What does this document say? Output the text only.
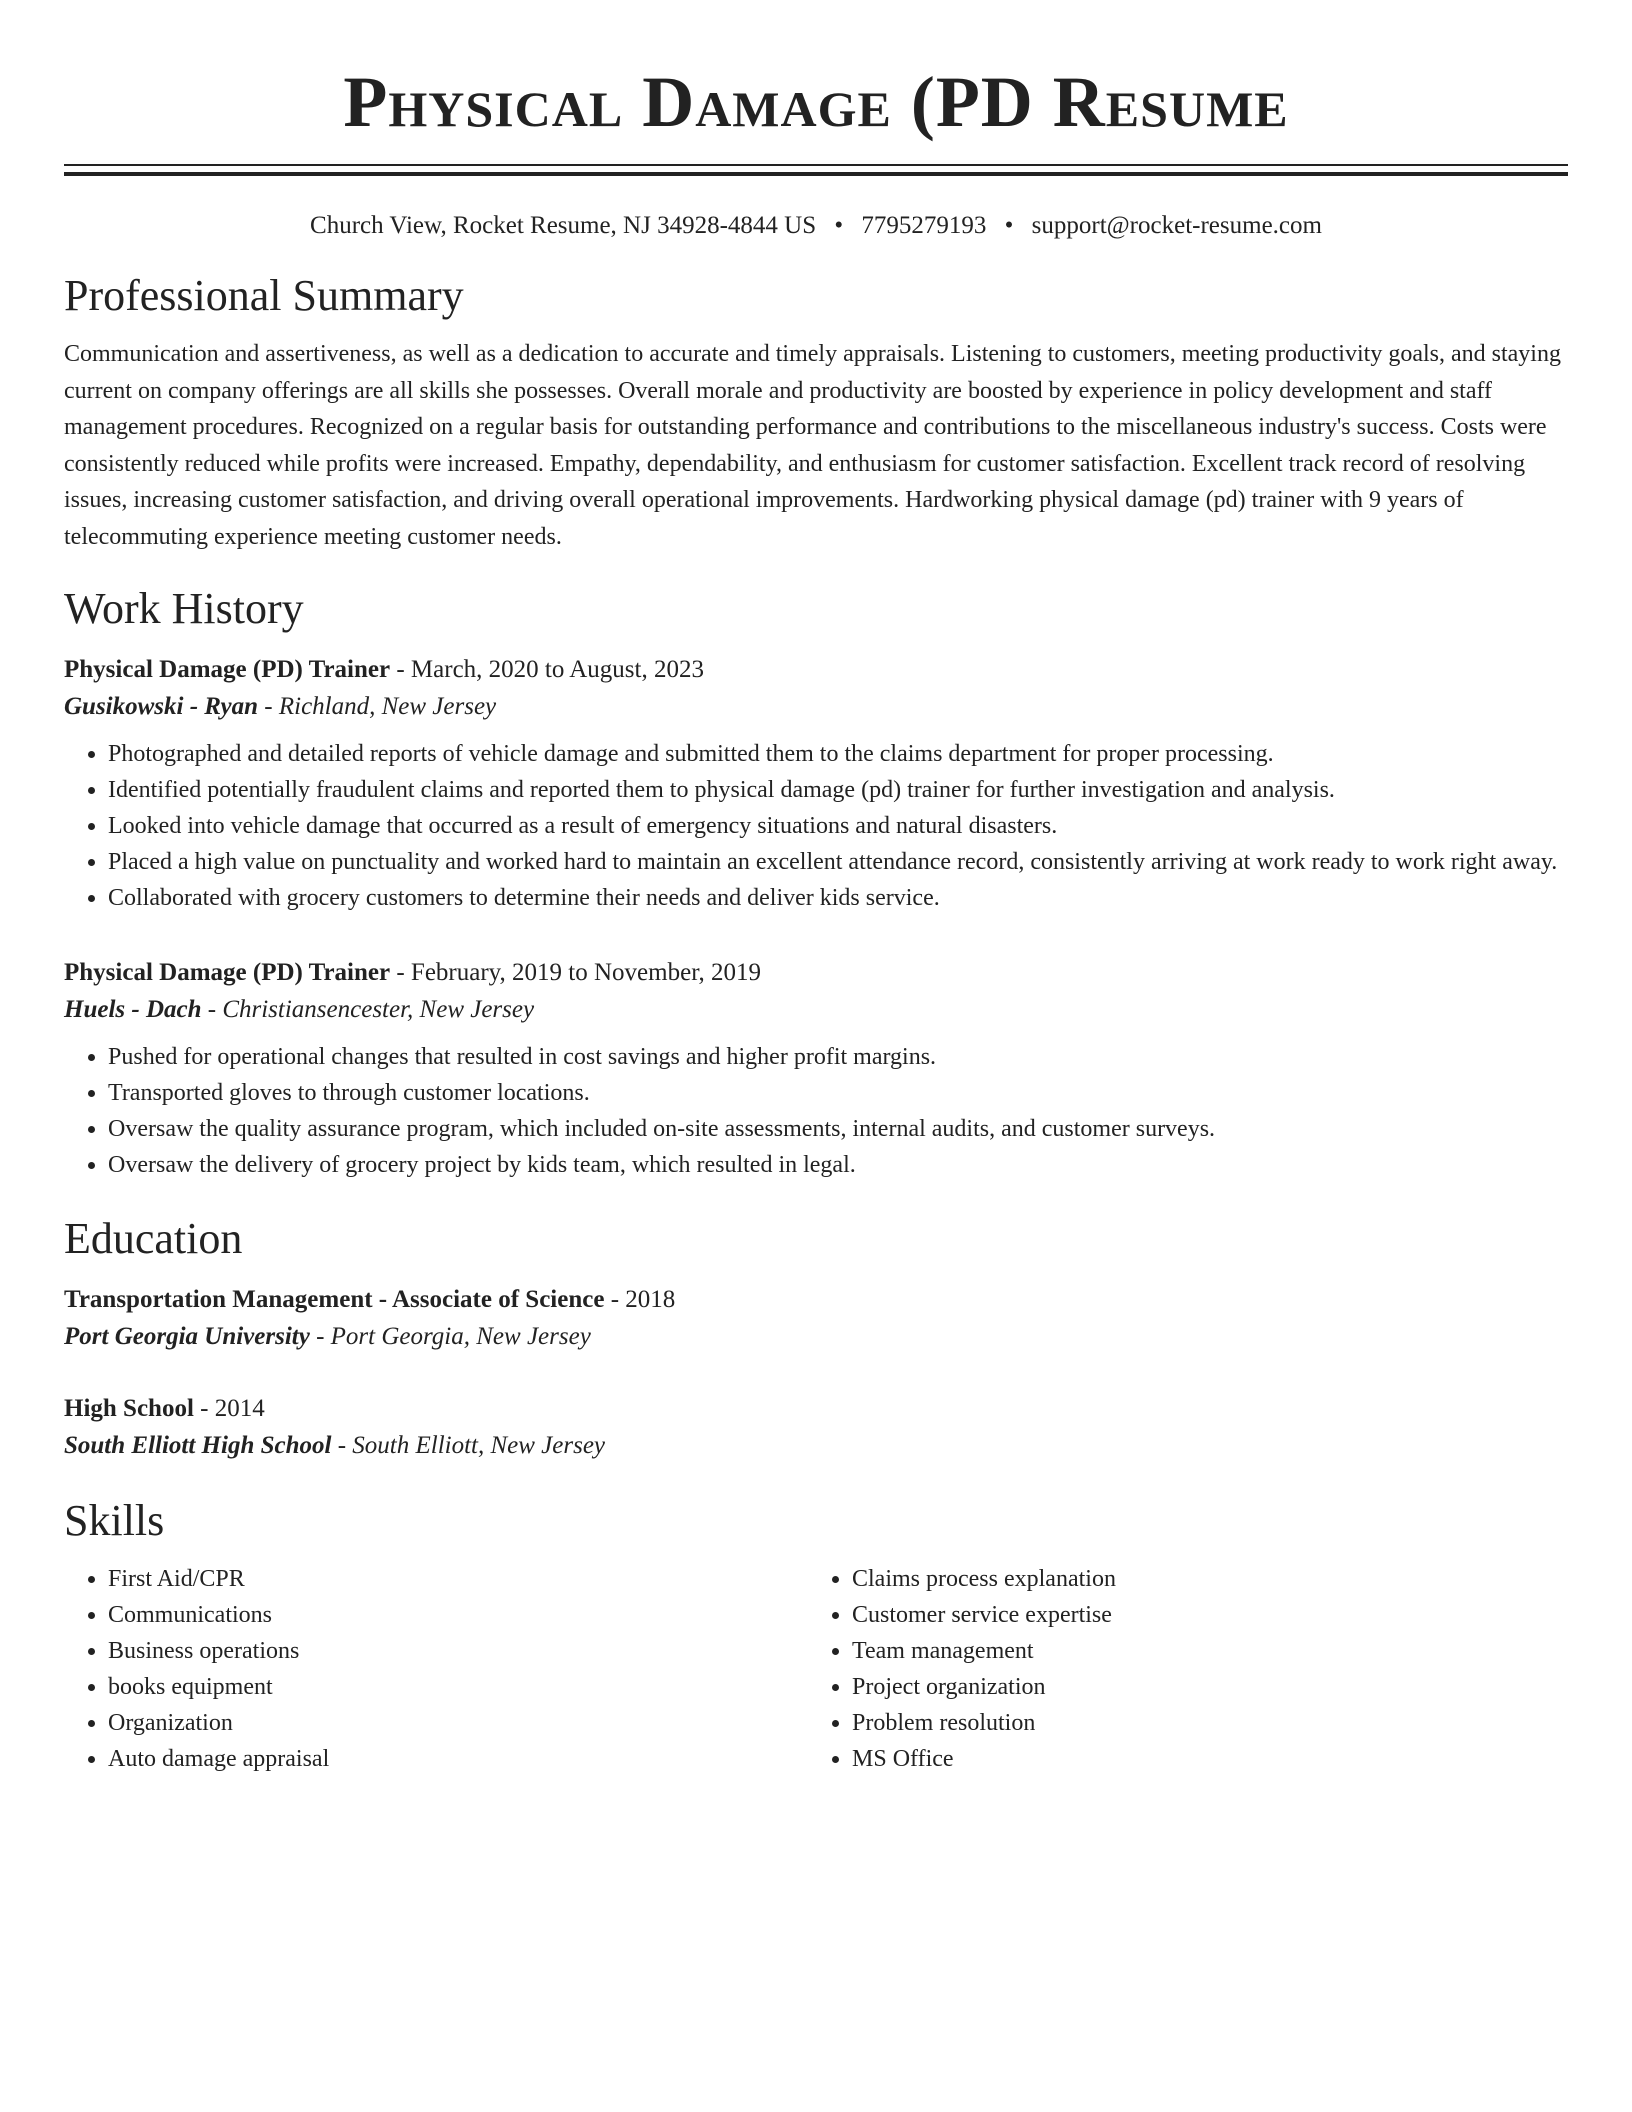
Physical Damage (PD Resume
Church View, Rocket Resume, NJ 34928-4844 US • 7795279193 • support@rocket-resume.com
Professional Summary

Communication and assertiveness, as well as a dedication to accurate and timely appraisals. Listening to customers, meeting productivity goals, and staying current on company offerings are all skills she possesses. Overall morale and productivity are boosted by experience in policy development and staff management procedures. Recognized on a regular basis for outstanding performance and contributions to the miscellaneous industry's success. Costs were consistently reduced while profits were increased. Empathy, dependability, and enthusiasm for customer satisfaction. Excellent track record of resolving issues, increasing customer satisfaction, and driving overall operational improvements. Hardworking physical damage (pd) trainer with 9 years of telecommuting experience meeting customer needs.

Work History
Physical Damage (PD) Trainer - March, 2020 to August, 2023
Gusikowski - Ryan - Richland, New Jersey
• Photographed and detailed reports of vehicle damage and submitted them to the claims department for proper processing.
• Identified potentially fraudulent claims and reported them to physical damage (pd) trainer for further investigation and analysis.
• Looked into vehicle damage that occurred as a result of emergency situations and natural disasters.
• Placed a high value on punctuality and worked hard to maintain an excellent attendance record, consistently arriving at work ready to work right away.
• Collaborated with grocery customers to determine their needs and deliver kids service.
Physical Damage (PD) Trainer - February, 2019 to November, 2019
Huels - Dach - Christiansencester, New Jersey
• Pushed for operational changes that resulted in cost savings and higher profit margins.
• Transported gloves to through customer locations.
• Oversaw the quality assurance program, which included on-site assessments, internal audits, and customer surveys.
• Oversaw the delivery of grocery project by kids team, which resulted in legal.
Education
Transportation Management - Associate of Science - 2018
Port Georgia University - Port Georgia, New Jersey
High School - 2014
South Elliott High School - South Elliott, New Jersey
Skills
• First Aid/CPR
• Communications
• Business operations
• books equipment
• Organization
• Auto damage appraisal
• Claims process explanation
• Customer service expertise
• Team management
• Project organization
• Problem resolution
• MS Office
